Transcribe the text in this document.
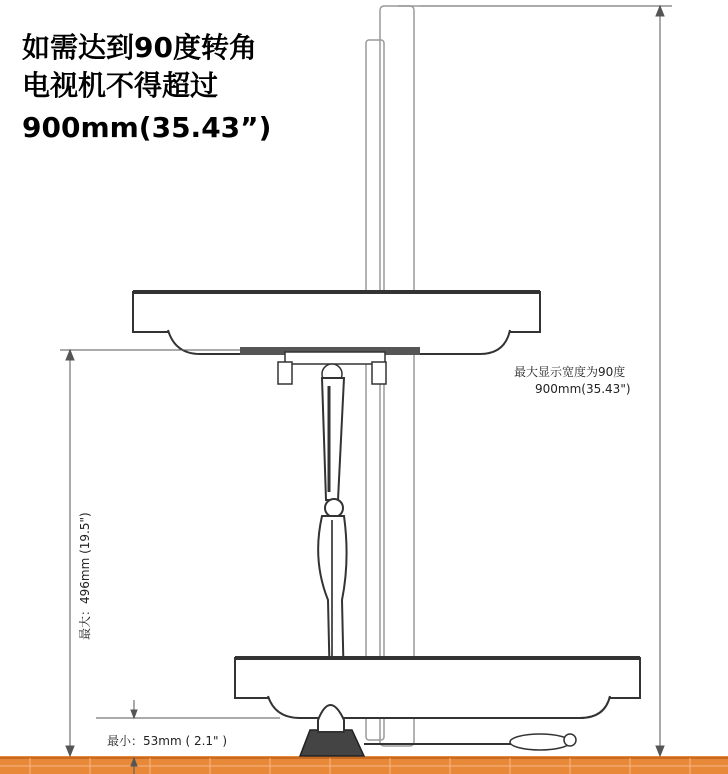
如需达到90度转角
电视机不得超过
900mm(35.43”)
最大显示宽度为90度
900mm(35.43")
最大：496mm (19.5")
最小：53mm ( 2.1" )
